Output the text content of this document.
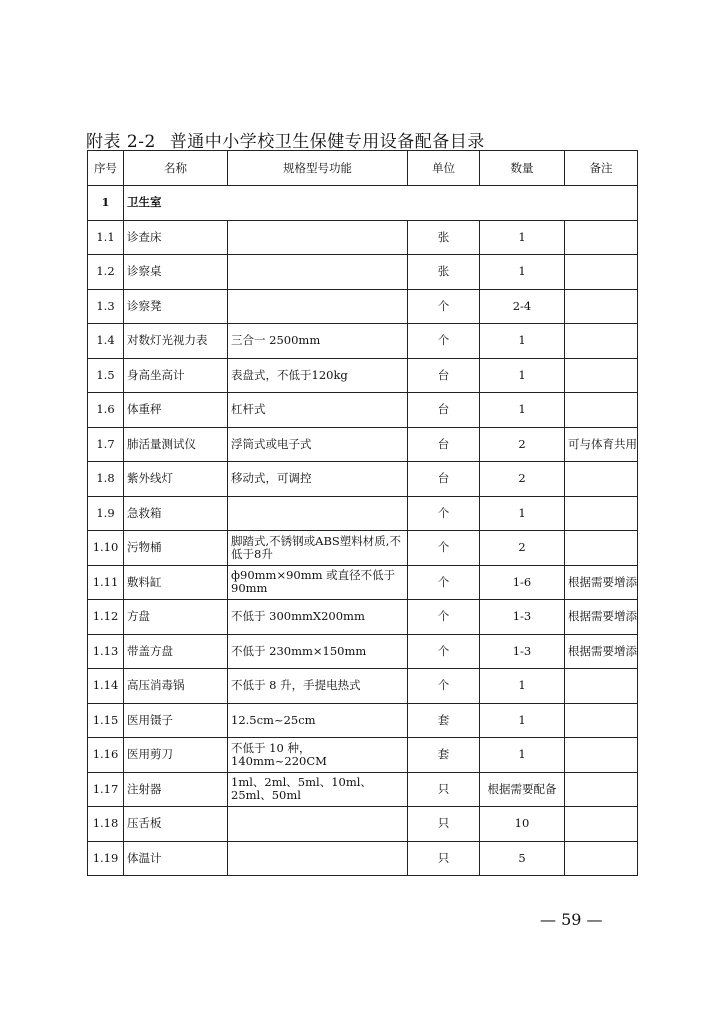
附表 2-2 普通中小学校卫生保健专用设备配备目录
序号	名称	规格型号功能	单位	数量	备注
1	卫生室				
1.1	诊查床		张	1	
1.2	诊察桌		张	1	
1.3	诊察凳		个	2-4	
1.4	对数灯光视力表	三合一 2500mm	个	1	
1.5	身高坐高计	表盘式，不低于120kg	台	1	
1.6	体重秤	杠杆式	台	1	
1.7	肺活量测试仪	浮筒式或电子式	台	2	可与体育共用
1.8	紫外线灯	移动式，可调控	台	2	
1.9	急救箱		个	1	
1.10	污物桶	脚踏式,不锈钢或ABS塑料材质,不低于8升	个	2	
1.11	敷料缸	ф90mm×90mm 或直径不低于90mm	个	1-6	根据需要增添
1.12	方盘	不低于 300mmX200mm	个	1-3	根据需要增添
1.13	带盖方盘	不低于 230mm×150mm	个	1-3	根据需要增添
1.14	高压消毒锅	不低于 8 升，手提电热式	个	1	
1.15	医用镊子	12.5cm~25cm	套	1	
1.16	医用剪刀	不低于 10 种，140mm~220CM	套	1	
1.17	注射器	1ml、2ml、5ml、10ml、25ml、50ml	只	根据需要配备	
1.18	压舌板		只	10	
1.19	体温计		只	5	
— 59 —
